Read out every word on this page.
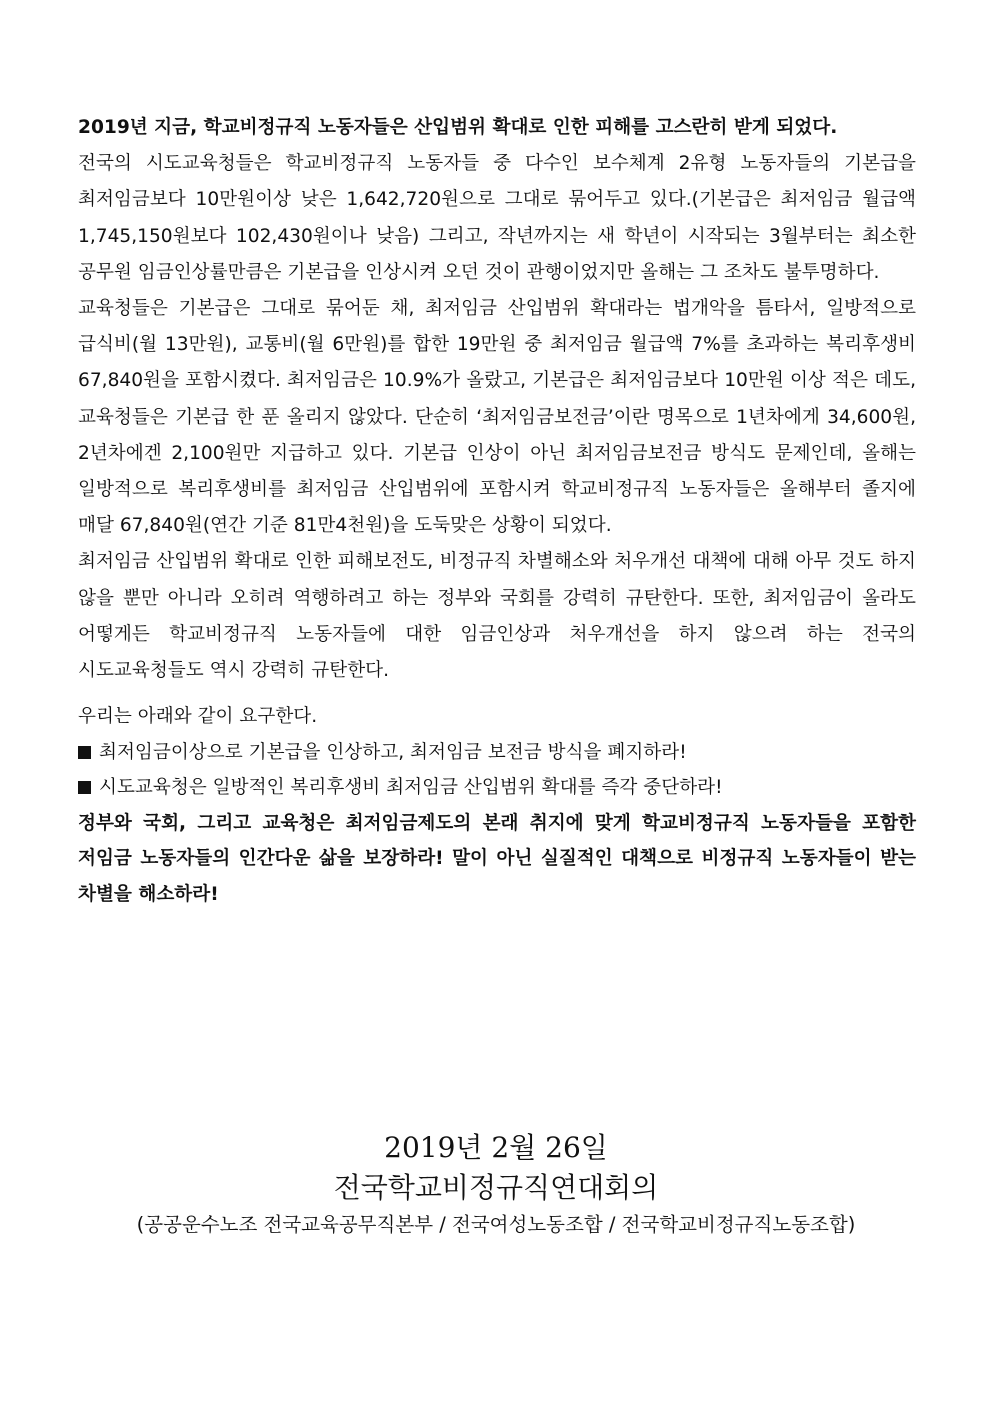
2019년 지금, 학교비정규직 노동자들은 산입범위 확대로 인한 피해를 고스란히 받게 되었다.

전국의 시도교육청들은 학교비정규직 노동자들 중 다수인 보수체계 2유형 노동자들의 기본급을 최저임금보다 10만원이상 낮은 1,642,720원으로 그대로 묶어두고 있다.(기본급은 최저임금 월급액 1,745,150원보다 102,430원이나 낮음) 그리고, 작년까지는 새 학년이 시작되는 3월부터는 최소한 공무원 임금인상률만큼은 기본급을 인상시켜 오던 것이 관행이었지만 올해는 그 조차도 불투명하다.

교육청들은 기본급은 그대로 묶어둔 채, 최저임금 산입범위 확대라는 법개악을 틈타서, 일방적으로 급식비(월 13만원), 교통비(월 6만원)를 합한 19만원 중 최저임금 월급액 7%를 초과하는 복리후생비 67,840원을 포함시켰다. 최저임금은 10.9%가 올랐고, 기본급은 최저임금보다 10만원 이상 적은 데도, 교육청들은 기본급 한 푼 올리지 않았다. 단순히 ‘최저임금보전금’이란 명목으로 1년차에게 34,600원, 2년차에겐 2,100원만 지급하고 있다. 기본급 인상이 아닌 최저임금보전금 방식도 문제인데, 올해는 일방적으로 복리후생비를 최저임금 산입범위에 포함시켜 학교비정규직 노동자들은 올해부터 졸지에 매달 67,840원(연간 기준 81만4천원)을 도둑맞은 상황이 되었다.

최저임금 산입범위 확대로 인한 피해보전도, 비정규직 차별해소와 처우개선 대책에 대해 아무 것도 하지 않을 뿐만 아니라 오히려 역행하려고 하는 정부와 국회를 강력히 규탄한다. 또한, 최저임금이 올라도 어떻게든 학교비정규직 노동자들에 대한 임금인상과 처우개선을 하지 않으려 하는 전국의 시도교육청들도 역시 강력히 규탄한다.

우리는 아래와 같이 요구한다.

최저임금이상으로 기본급을 인상하고, 최저임금 보전금 방식을 폐지하라!

시도교육청은 일방적인 복리후생비 최저임금 산입범위 확대를 즉각 중단하라!

정부와 국회, 그리고 교육청은 최저임금제도의 본래 취지에 맞게 학교비정규직 노동자들을 포함한 저임금 노동자들의 인간다운 삶을 보장하라! 말이 아닌 실질적인 대책으로 비정규직 노동자들이 받는 차별을 해소하라!

2019년 2월 26일
전국학교비정규직연대회의
(공공운수노조 전국교육공무직본부 / 전국여성노동조합 / 전국학교비정규직노동조합)
